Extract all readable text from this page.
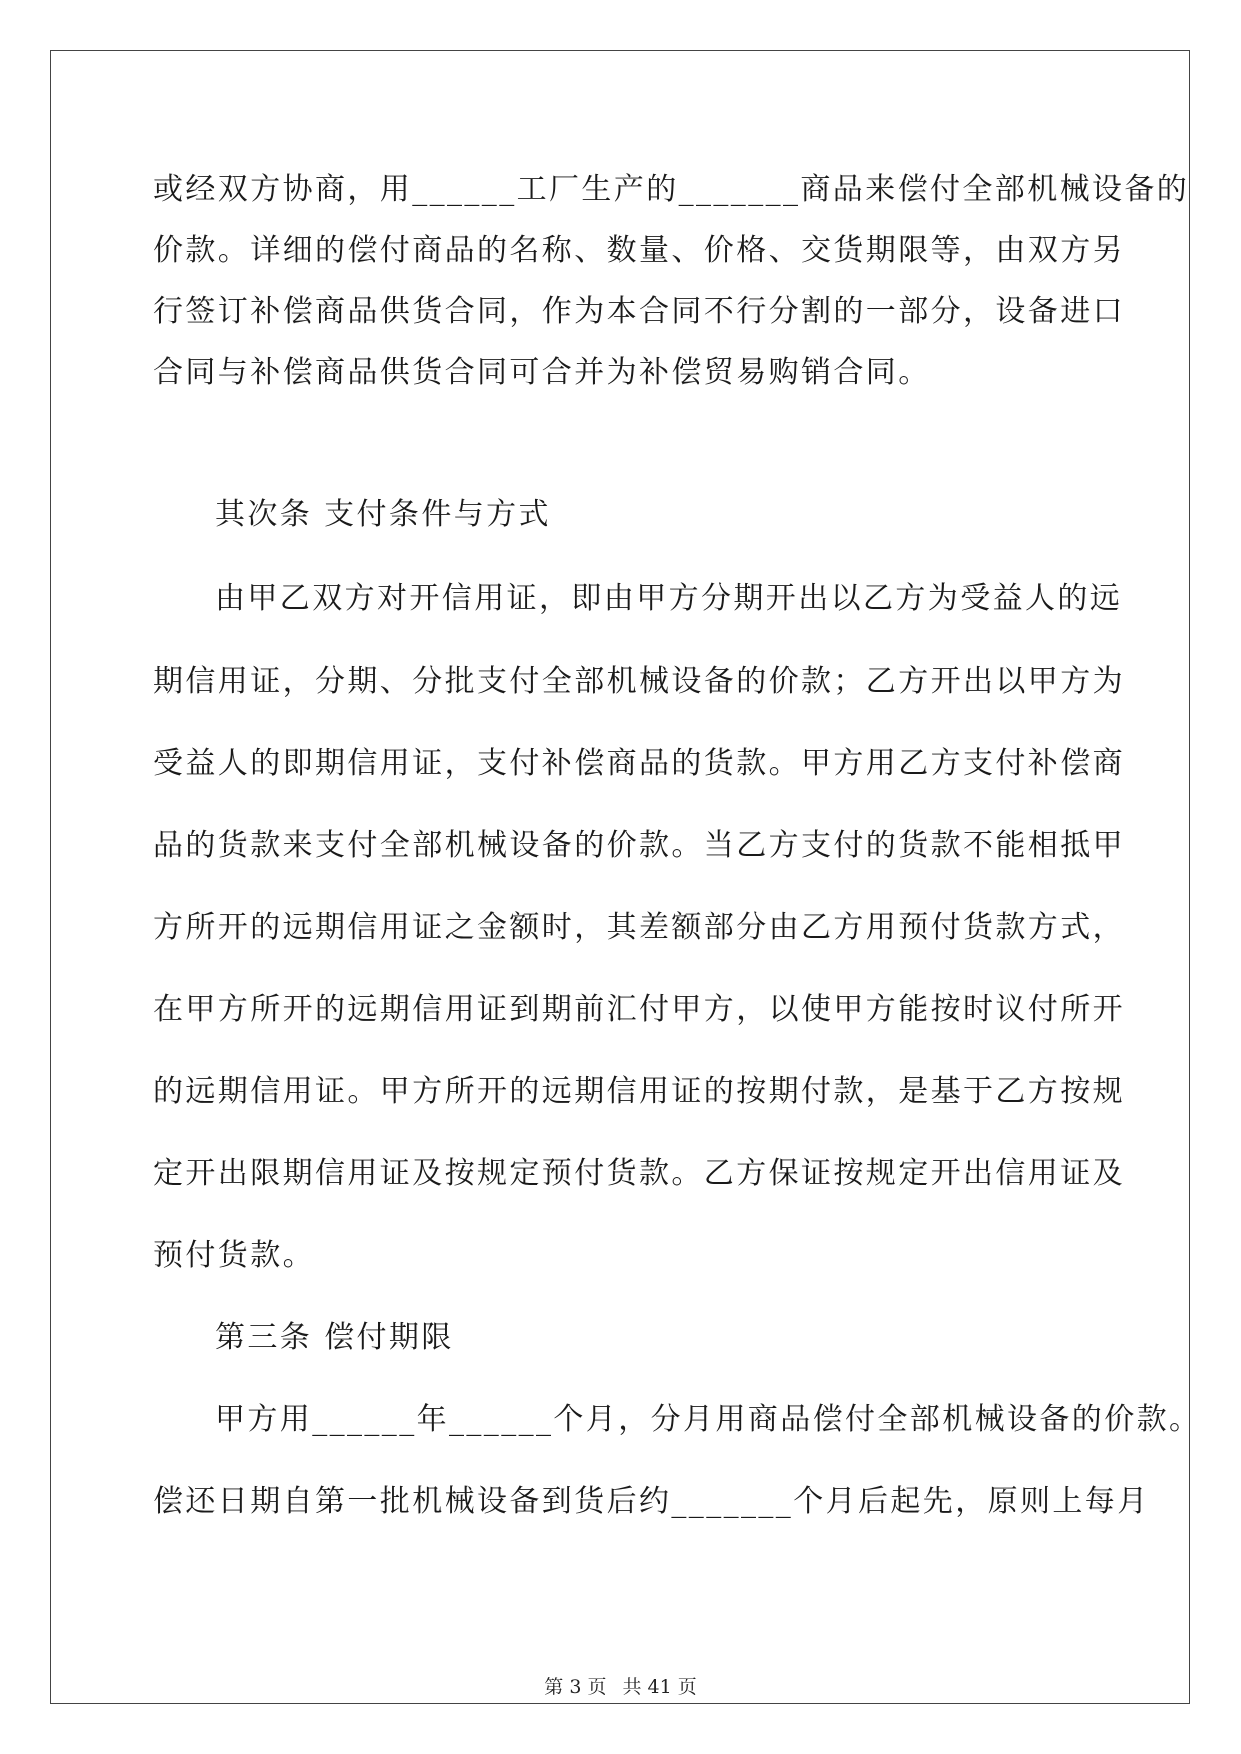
或经双方协商，用______工厂生产的_______商品来偿付全部机械设备的
价款。详细的偿付商品的名称、数量、价格、交货期限等，由双方另
行签订补偿商品供货合同，作为本合同不行分割的一部分，设备进口
合同与补偿商品供货合同可合并为补偿贸易购销合同。
其次条 支付条件与方式
由甲乙双方对开信用证，即由甲方分期开出以乙方为受益人的远
期信用证，分期、分批支付全部机械设备的价款；乙方开出以甲方为
受益人的即期信用证，支付补偿商品的货款。甲方用乙方支付补偿商
品的货款来支付全部机械设备的价款。当乙方支付的货款不能相抵甲
方所开的远期信用证之金额时，其差额部分由乙方用预付货款方式，
在甲方所开的远期信用证到期前汇付甲方，以使甲方能按时议付所开
的远期信用证。甲方所开的远期信用证的按期付款，是基于乙方按规
定开出限期信用证及按规定预付货款。乙方保证按规定开出信用证及
预付货款。
第三条 偿付期限
甲方用______年______个月，分月用商品偿付全部机械设备的价款。
偿还日期自第一批机械设备到货后约_______个月后起先，原则上每月
第 3 页 共 41 页
